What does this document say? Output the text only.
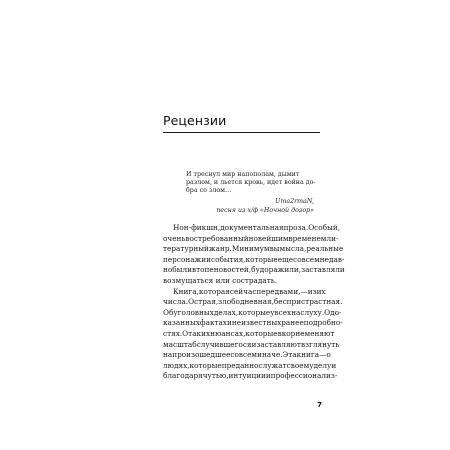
Рецензии
И треснул мир напополам, дымит
разлом, и льется кровь, идет война до-
бра со злом…
Uma2rmaN,
песня из х/ф «Ночной дозор»
Нон-фикшн, документальная проза. Особый,
очень востребованный новейшим временем ли-
тературный жанр. Минимум вымысла, реальные
персонажи и события, которые еще совсем недав-
но были в топе новостей, будоражили, заставляли
возмущаться или сострадать.
Книга, которая сейчас перед вами, — из их
числа. Острая, злободневная, беспристрастная.
Об уголовных делах, которые у всех на слуху. О до-
казанных фактах и неизвестных ранее подробно-
стях. О таких нюансах, которые в корне меняют
масштаб случившегося и заставляют взглянуть
на произошедшее совсем иначе. Эта книга — о
людях, которые преданно служат своему делу и
благодаря чутью, интуиции и профессионализ-
7
